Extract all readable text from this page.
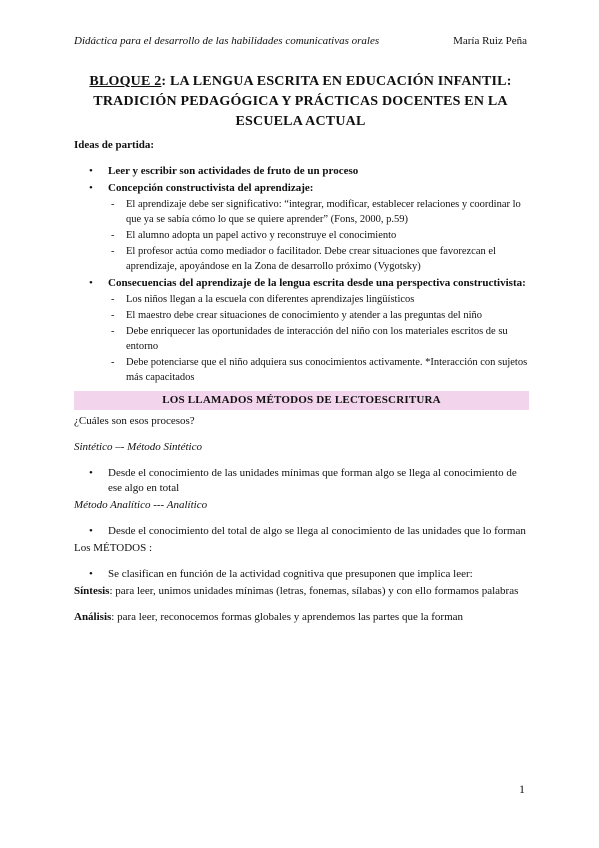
Didáctica para el desarrollo de las habilidades comunicativas orales	María Ruiz Peña
BLOQUE 2: LA LENGUA ESCRITA EN EDUCACIÓN INFANTIL: TRADICIÓN PEDAGÓGICA Y PRÁCTICAS DOCENTES EN LA ESCUELA ACTUAL
Ideas de partida:
• Leer y escribir son actividades de fruto de un proceso
• Concepción constructivista del aprendizaje:
- El aprendizaje debe ser significativo: “integrar, modificar, establecer relaciones y coordinar lo que ya se sabía cómo lo que se quiere aprender” (Fons, 2000, p.59)
- El alumno adopta un papel activo y reconstruye el conocimiento
- El profesor actúa como mediador o facilitador. Debe crear situaciones que favorezcan el aprendizaje, apoyándose en la Zona de desarrollo próximo (Vygotsky)
• Consecuencias del aprendizaje de la lengua escrita desde una perspectiva constructivista:
- Los niños llegan a la escuela con diferentes aprendizajes lingüísticos
- El maestro debe crear situaciones de conocimiento y atender a las preguntas del niño
- Debe enriquecer las oportunidades de interacción del niño con los materiales escritos de su entorno
- Debe potenciarse que el niño adquiera sus conocimientos activamente. *Interacción con sujetos más capacitados
LOS LLAMADOS MÉTODOS DE LECTOESCRITURA
¿Cuáles son esos procesos?
Sintético –- Método Sintético
• Desde el conocimiento de las unidades mínimas que forman algo se llega al conocimiento de ese algo en total
Método Analítico --- Analítico
• Desde el conocimiento del total de algo se llega al conocimiento de las unidades que lo forman
Los MÉTODOS :
• Se clasifican en función de la actividad cognitiva que presuponen que implica leer:
Síntesis: para leer, unimos unidades mínimas (letras, fonemas, sílabas) y con ello formamos palabras
Análisis: para leer, reconocemos formas globales y aprendemos las partes que la forman
1
